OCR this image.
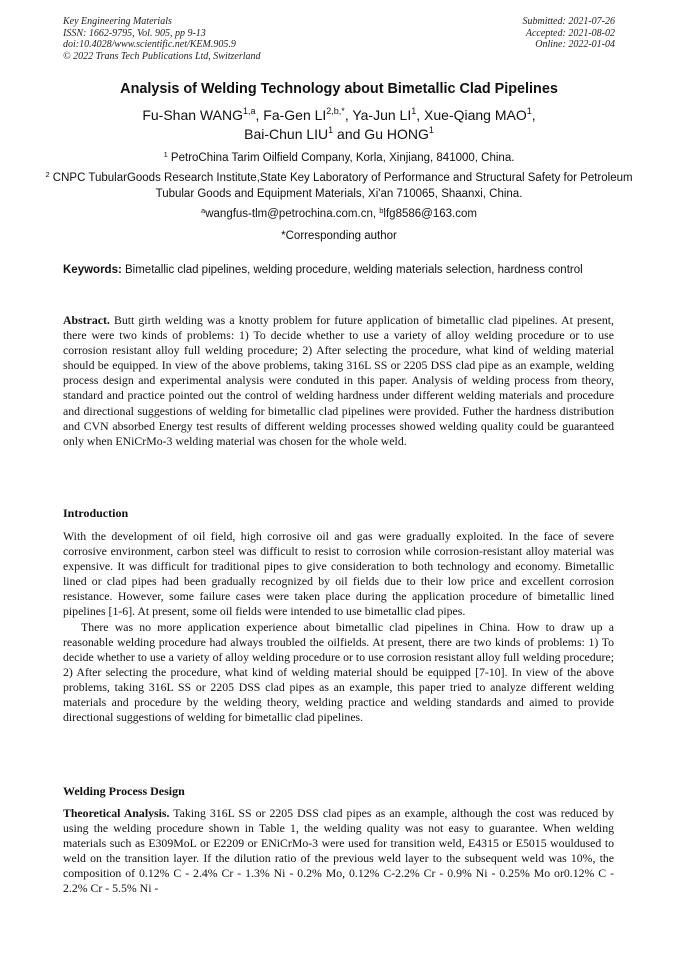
Key Engineering Materials
ISSN: 1662-9795, Vol. 905, pp 9-13
doi:10.4028/www.scientific.net/KEM.905.9
© 2022 Trans Tech Publications Ltd, Switzerland
Submitted: 2021-07-26
Accepted: 2021-08-02
Online: 2022-01-04
Analysis of Welding Technology about Bimetallic Clad Pipelines
Fu-Shan WANG$^{1,a}$, Fa-Gen $LI^{2,b,*}$, Ya-Jun $LI^1$, Xue-Qiang MAO$^1$,
Bai-Chun LIU$^1$ and Gu HONG$^1$
$^1$ PetroChina Tarim Oilfield Company, Korla, Xinjiang, 841000, China.
$^2$ CNPC TubularGoods Research Institute,State Key Laboratory of Performance and Structural Safety for Petroleum Tubular Goods and Equipment Materials, Xi'an 710065, Shaanxi, China.
$^a$wangfus-tlm@petrochina.com.cn, $^b$lfg8586@163.com
*Corresponding author
Keywords: Bimetallic clad pipelines, welding procedure, welding materials selection, hardness control

Abstract. Butt girth welding was a knotty problem for future application of bimetallic clad pipelines. At present, there were two kinds of problems: 1) To decide whether to use a variety of alloy welding procedure or to use corrosion resistant alloy full welding procedure; 2) After selecting the procedure, what kind of welding material should be equipped. In view of the above problems, taking 316L SS or 2205 DSS clad pipe as an example, welding process design and experimental analysis were conduted in this paper. Analysis of welding process from theory, standard and practice pointed out the control of welding hardness under different welding materials and procedure and directional suggestions of welding for bimetallic clad pipelines were provided. Futher the hardness distribution and CVN absorbed Energy test results of different welding processes showed welding quality could be guaranteed only when ENiCrMo-3 welding material was chosen for the whole weld.

Introduction

With the development of oil field, high corrosive oil and gas were gradually exploited. In the face of severe corrosive environment, carbon steel was difficult to resist to corrosion while corrosion-resistant alloy material was expensive. It was difficult for traditional pipes to give consideration to both technology and economy. Bimetallic lined or clad pipes had been gradually recognized by oil fields due to their low price and excellent corrosion resistance. However, some failure cases were taken place during the application procedure of bimetallic lined pipelines [1-6]. At present, some oil fields were intended to use bimetallic clad pipes.

There was no more application experience about bimetallic clad pipelines in China. How to draw up a reasonable welding procedure had always troubled the oilfields. At present, there are two kinds of problems: 1) To decide whether to use a variety of alloy welding procedure or to use corrosion resistant alloy full welding procedure; 2) After selecting the procedure, what kind of welding material should be equipped [7-10]. In view of the above problems, taking 316L SS or 2205 DSS clad pipes as an example, this paper tried to analyze different welding materials and procedure by the welding theory, welding practice and welding standards and aimed to provide directional suggestions of welding for bimetallic clad pipelines.

Welding Process Design

Theoretical Analysis. Taking 316L SS or 2205 DSS clad pipes as an example, although the cost was reduced by using the welding procedure shown in Table 1, the welding quality was not easy to guarantee. When welding materials such as E309MoL or E2209 or ENiCrMo-3 were used for transition weld, E4315 or E5015 wouldused to weld on the transition layer. If the dilution ratio of the previous weld layer to the subsequent weld was 10%, the composition of 0.12% C - 2.4% Cr - 1.3% Ni - 0.2% Mo, 0.12% C-2.2% Cr - 0.9% Ni - 0.25% Mo or0.12% C - 2.2% Cr - 5.5% Ni -
